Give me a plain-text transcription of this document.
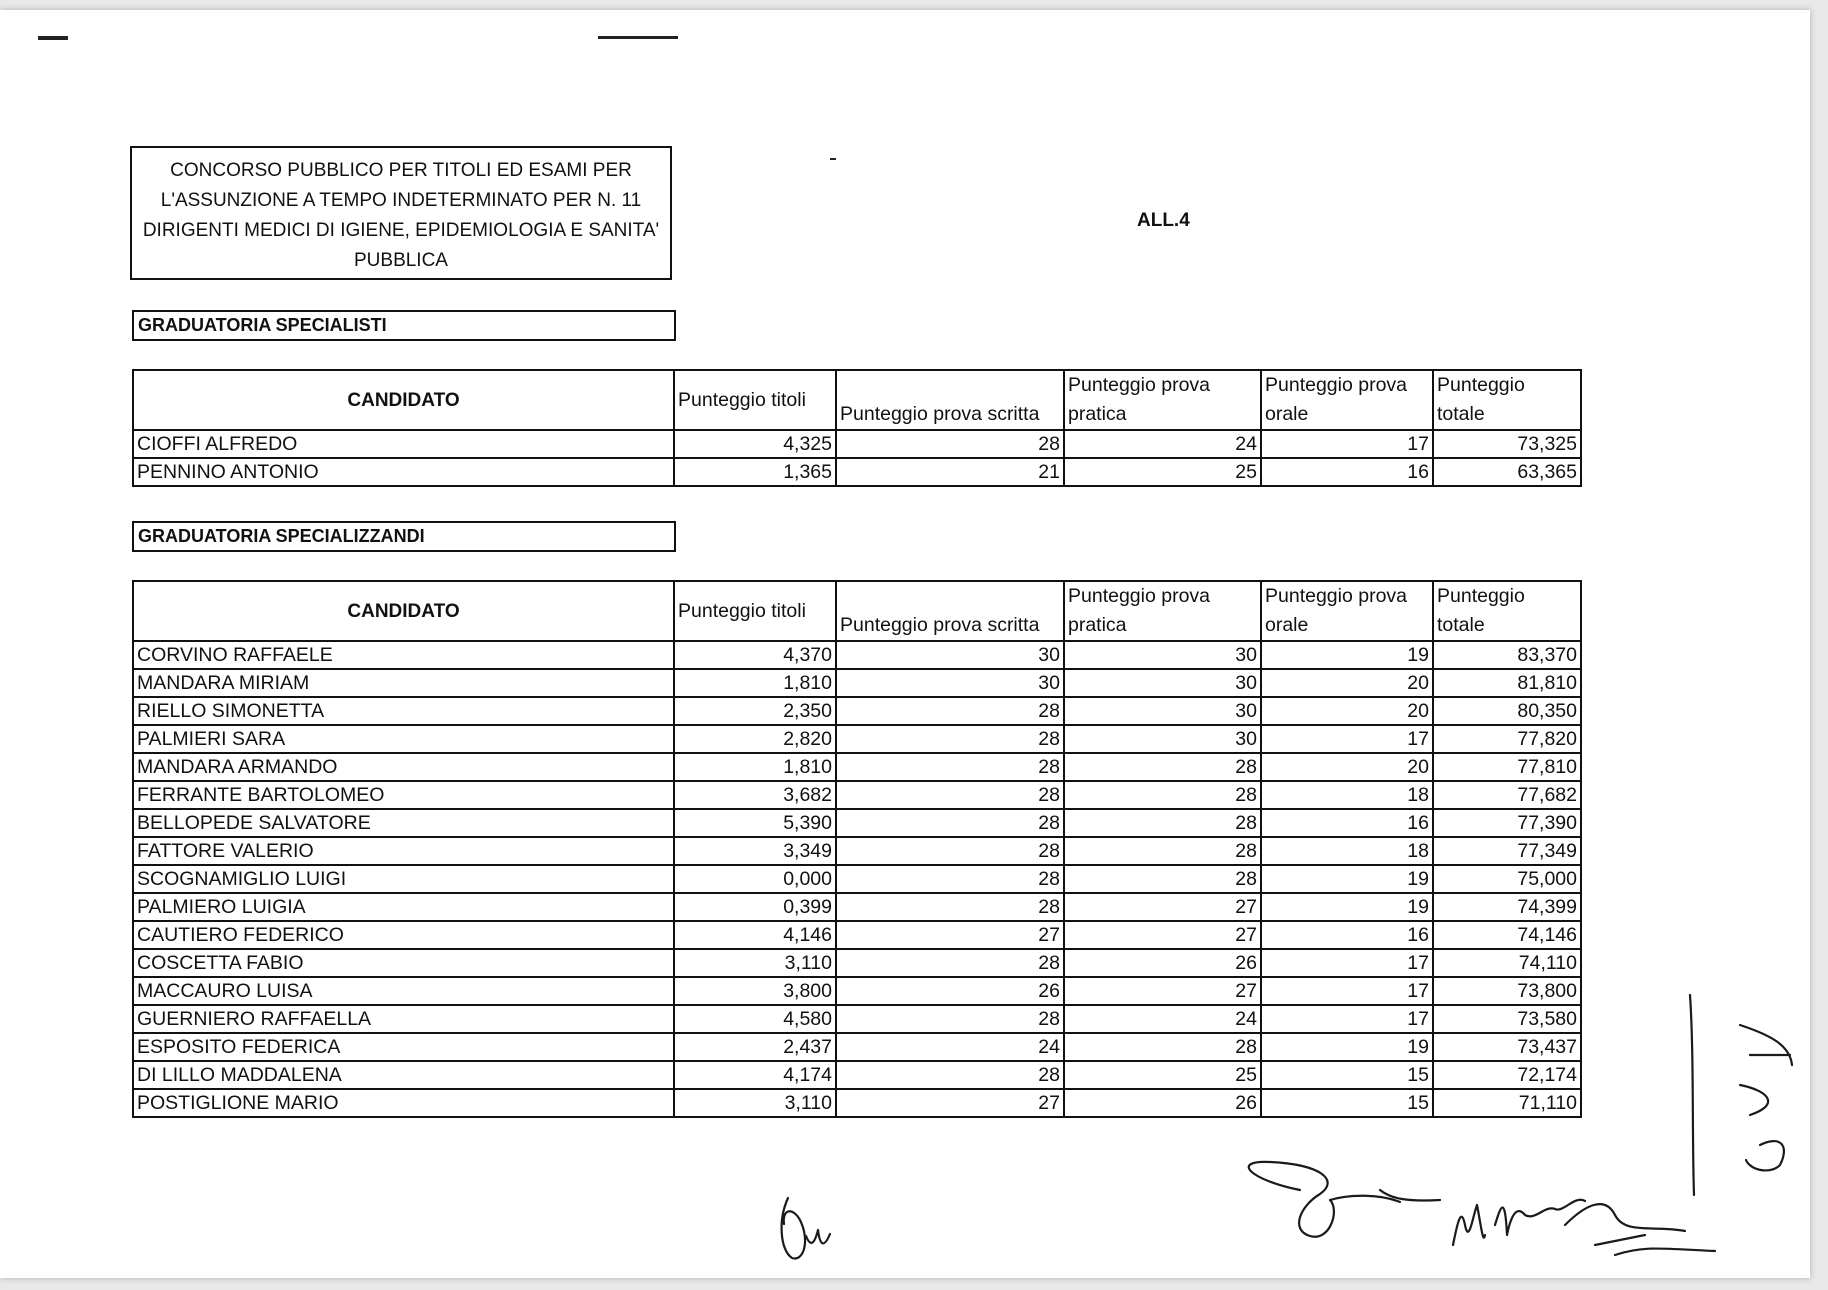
CONCORSO PUBBLICO PER TITOLI ED ESAMI PER
L'ASSUNZIONE A TEMPO INDETERMINATO PER N. 11
DIRIGENTI MEDICI DI IGIENE, EPIDEMIOLOGIA E SANITA'
PUBBLICA
ALL.4
GRADUATORIA SPECIALISTI
CANDIDATO	Punteggio titoli	Punteggio prova scritta	Punteggio prova pratica	Punteggio prova orale	Punteggio totale
CIOFFI ALFREDO	4,325	28	24	17	73,325
PENNINO ANTONIO	1,365	21	25	16	63,365
GRADUATORIA SPECIALIZZANDI
CANDIDATO	Punteggio titoli	Punteggio prova scritta	Punteggio prova pratica	Punteggio prova orale	Punteggio totale
CORVINO RAFFAELE	4,370	30	30	19	83,370
MANDARA MIRIAM	1,810	30	30	20	81,810
RIELLO SIMONETTA	2,350	28	30	20	80,350
PALMIERI SARA	2,820	28	30	17	77,820
MANDARA ARMANDO	1,810	28	28	20	77,810
FERRANTE BARTOLOMEO	3,682	28	28	18	77,682
BELLOPEDE SALVATORE	5,390	28	28	16	77,390
FATTORE VALERIO	3,349	28	28	18	77,349
SCOGNAMIGLIO LUIGI	0,000	28	28	19	75,000
PALMIERO LUIGIA	0,399	28	27	19	74,399
CAUTIERO FEDERICO	4,146	27	27	16	74,146
COSCETTA FABIO	3,110	28	26	17	74,110
MACCAURO LUISA	3,800	26	27	17	73,800
GUERNIERO RAFFAELLA	4,580	28	24	17	73,580
ESPOSITO FEDERICA	2,437	24	28	19	73,437
DI LILLO MADDALENA	4,174	28	25	15	72,174
POSTIGLIONE MARIO	3,110	27	26	15	71,110
